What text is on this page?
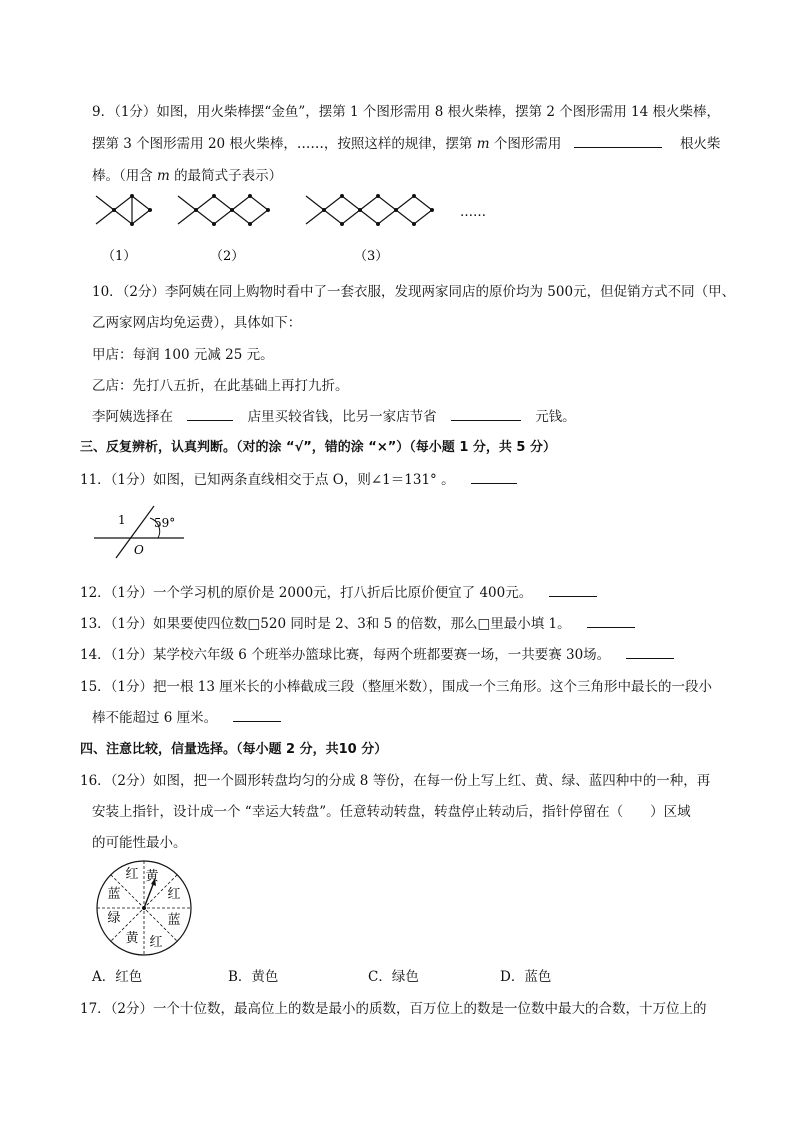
9．（1分）如图，用火柴棒摆“金鱼”，摆第 1 个图形需用 8 根火柴棒，摆第 2 个图形需用 14 根火柴棒，
摆第 3 个图形需用 20 根火柴棒，……，按照这样的规律，摆第 m 个图形需用	根火柴
棒。（用含 m 的最简式子表示）
……
（1）	（2）	（3）
10．（2分）李阿姨在同上购物时看中了一套衣服，发现两家同店的原价均为 500元，但促销方式不同（甲、
乙两家网店均免运费），具体如下：
甲店：每润 100 元减 25 元。
乙店：先打八五折，在此基础上再打九折。
李阿姨选择在	店里买较省钱，比另一家店节省	元钱。
三、反复辨析，认真判断。（对的涂 “√”，错的涂 “×”）（每小题 1 分，共 5 分）
11．（1分）如图，已知两条直线相交于点 O，则∠1＝131° 。
1 59°
O
12．（1分）一个学习机的原价是 2000元，打八折后比原价便宜了 400元。
13．（1分）如果要使四位数□520 同时是 2、3和 5 的倍数，那么□里最小填 1。
14．（1分）某学校六年级 6 个班举办篮球比赛，每两个班都要赛一场，一共要赛 30场。
15．（1分）把一根 13 厘米长的小棒截成三段（整厘米数），围成一个三角形。这个三角形中最长的一段小
棒不能超过 6 厘米。
四、注意比较，信量选择。（每小题 2 分，共10 分）
16．（2分）如图，把一个圆形转盘均匀的分成 8 等份，在每一份上写上红、黄、绿、蓝四种中的一种，再
安装上指针，设计成一个 “幸运大转盘”。任意转动转盘，转盘停止转动后，指针停留在（　　）区域
的可能性最小。
黄
红
蓝
红
黄
绿
蓝
红
A．红色	B．黄色	C．绿色	D．蓝色
17．（2分）一个十位数，最高位上的数是最小的质数，百万位上的数是一位数中最大的合数，十万位上的
